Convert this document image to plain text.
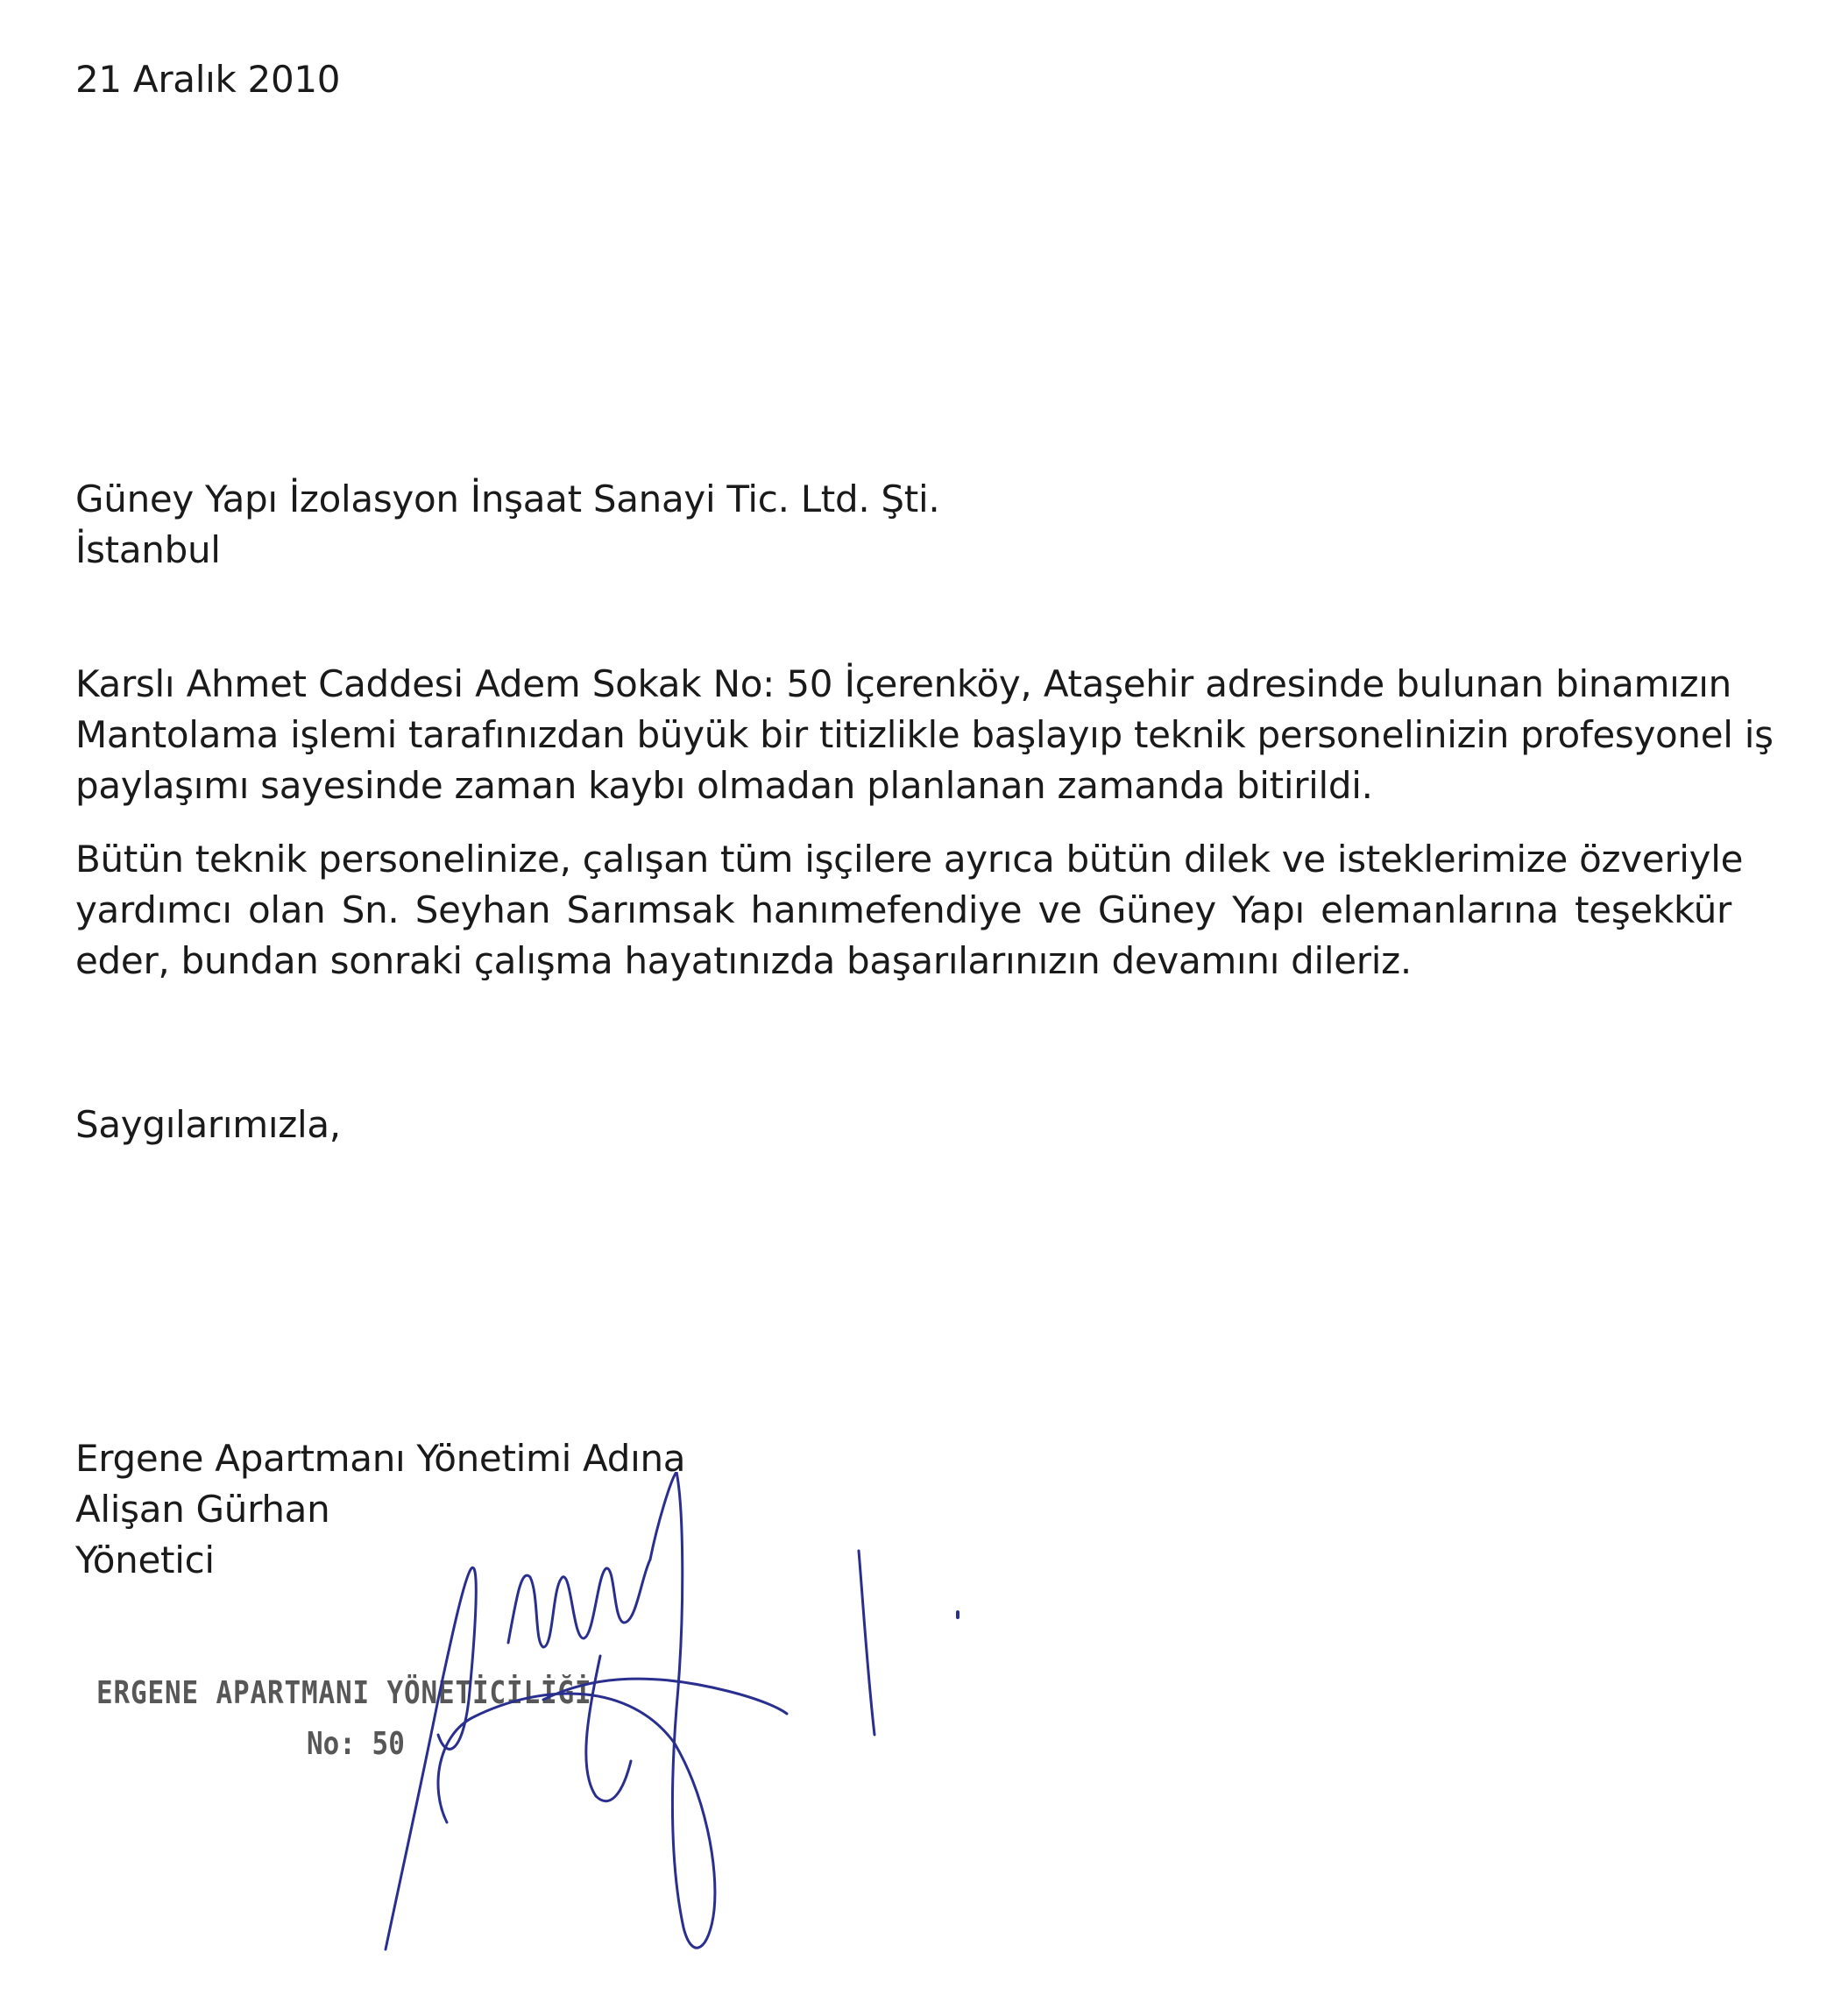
21 Aralık 2010
Güney Yapı İzolasyon İnşaat Sanayi Tic. Ltd. Şti.
İstanbul
Karslı Ahmet Caddesi Adem Sokak No: 50 İçerenköy, Ataşehir adresinde bulunan binamızın
Mantolama işlemi tarafınızdan büyük bir titizlikle başlayıp teknik personelinizin profesyonel iş
paylaşımı sayesinde zaman kaybı olmadan planlanan zamanda bitirildi.
Bütün teknik personelinize, çalışan tüm işçilere ayrıca bütün dilek ve isteklerimize özveriyle
yardımcı olan Sn. Seyhan Sarımsak hanımefendiye ve Güney Yapı elemanlarına teşekkür
eder, bundan sonraki çalışma hayatınızda başarılarınızın devamını dileriz.
Saygılarımızla,
Ergene Apartmanı Yönetimi Adına
Alişan Gürhan
Yönetici
ERGENE APARTMANI YÖNETİCİLİĞİ
No: 50
